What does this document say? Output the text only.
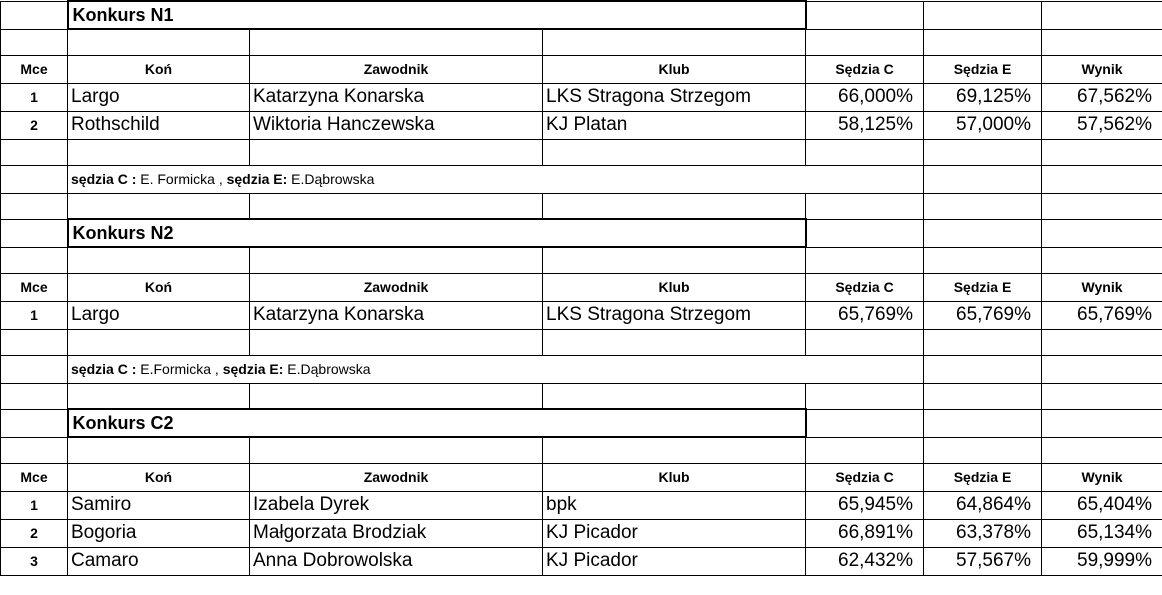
	Konkurs N1					

Mce	Koń	Zawodnik	Klub	Sędzia C	Sędzia E	Wynik
1	Largo	Katarzyna Konarska	LKS Stragona Strzegom	66,000%	69,125%	67,562%
2	Rothschild	Wiktoria Hanczewska	KJ Platan	58,125%	57,000%	57,562%

	sędzia C : E. Formicka , sędzia E: E.Dąbrowska					

	Konkurs N2					

Mce	Koń	Zawodnik	Klub	Sędzia C	Sędzia E	Wynik
1	Largo	Katarzyna Konarska	LKS Stragona Strzegom	65,769%	65,769%	65,769%

	sędzia C : E.Formicka , sędzia E: E.Dąbrowska					

	Konkurs C2					

Mce	Koń	Zawodnik	Klub	Sędzia C	Sędzia E	Wynik
1	Samiro	Izabela Dyrek	bpk	65,945%	64,864%	65,404%
2	Bogoria	Małgorzata Brodziak	KJ Picador	66,891%	63,378%	65,134%
3	Camaro	Anna Dobrowolska	KJ Picador	62,432%	57,567%	59,999%
